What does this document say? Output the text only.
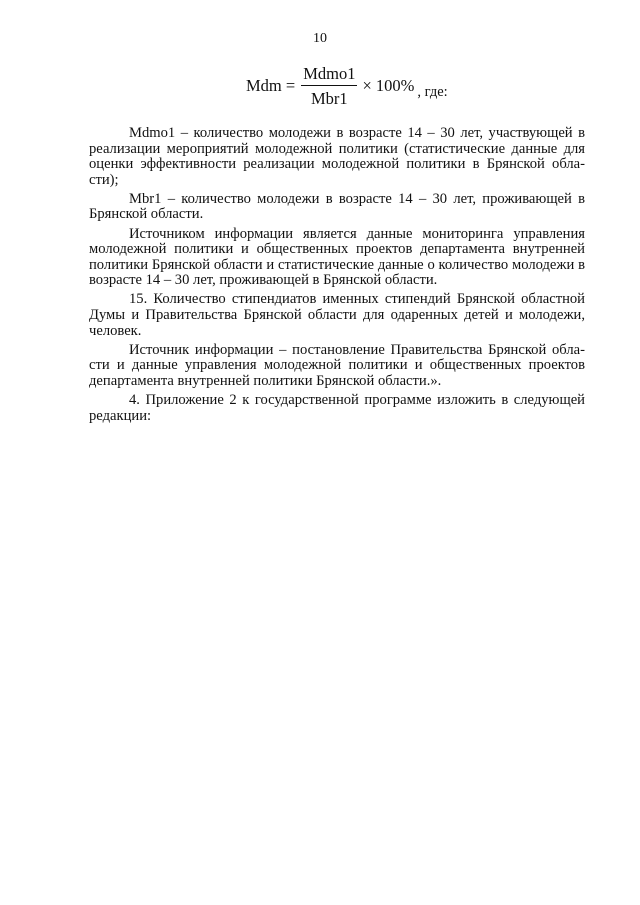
10
Mdm = $\frac{\text{Mdmo1}}{\text{Mbr1}} \times 100\%$ , где:

Mdmo1 – количество молодежи в возрасте 14 – 30 лет, участвующей в реализации мероприятий молодежной политики (статистические данные для оценки эффективности реализации молодежной политики в Брянской обла-сти);

Mbr1 – количество молодежи в возрасте 14 – 30 лет, проживающей в Брянской области.

Источником информации является данные мониторинга управления молодежной политики и общественных проектов департамента внутренней политики Брянской области и статистические данные о количество молодежи в возрасте 14 – 30 лет, проживающей в Брянской области.

15. Количество стипендиатов именных стипендий Брянской областной Думы и Правительства Брянской области для одаренных детей и молодежи, человек.

Источник информации – постановление Правительства Брянской обла-сти и данные управления молодежной политики и общественных проектов департамента внутренней политики Брянской области.».

4. Приложение 2 к государственной программе изложить в следующей редакции:
